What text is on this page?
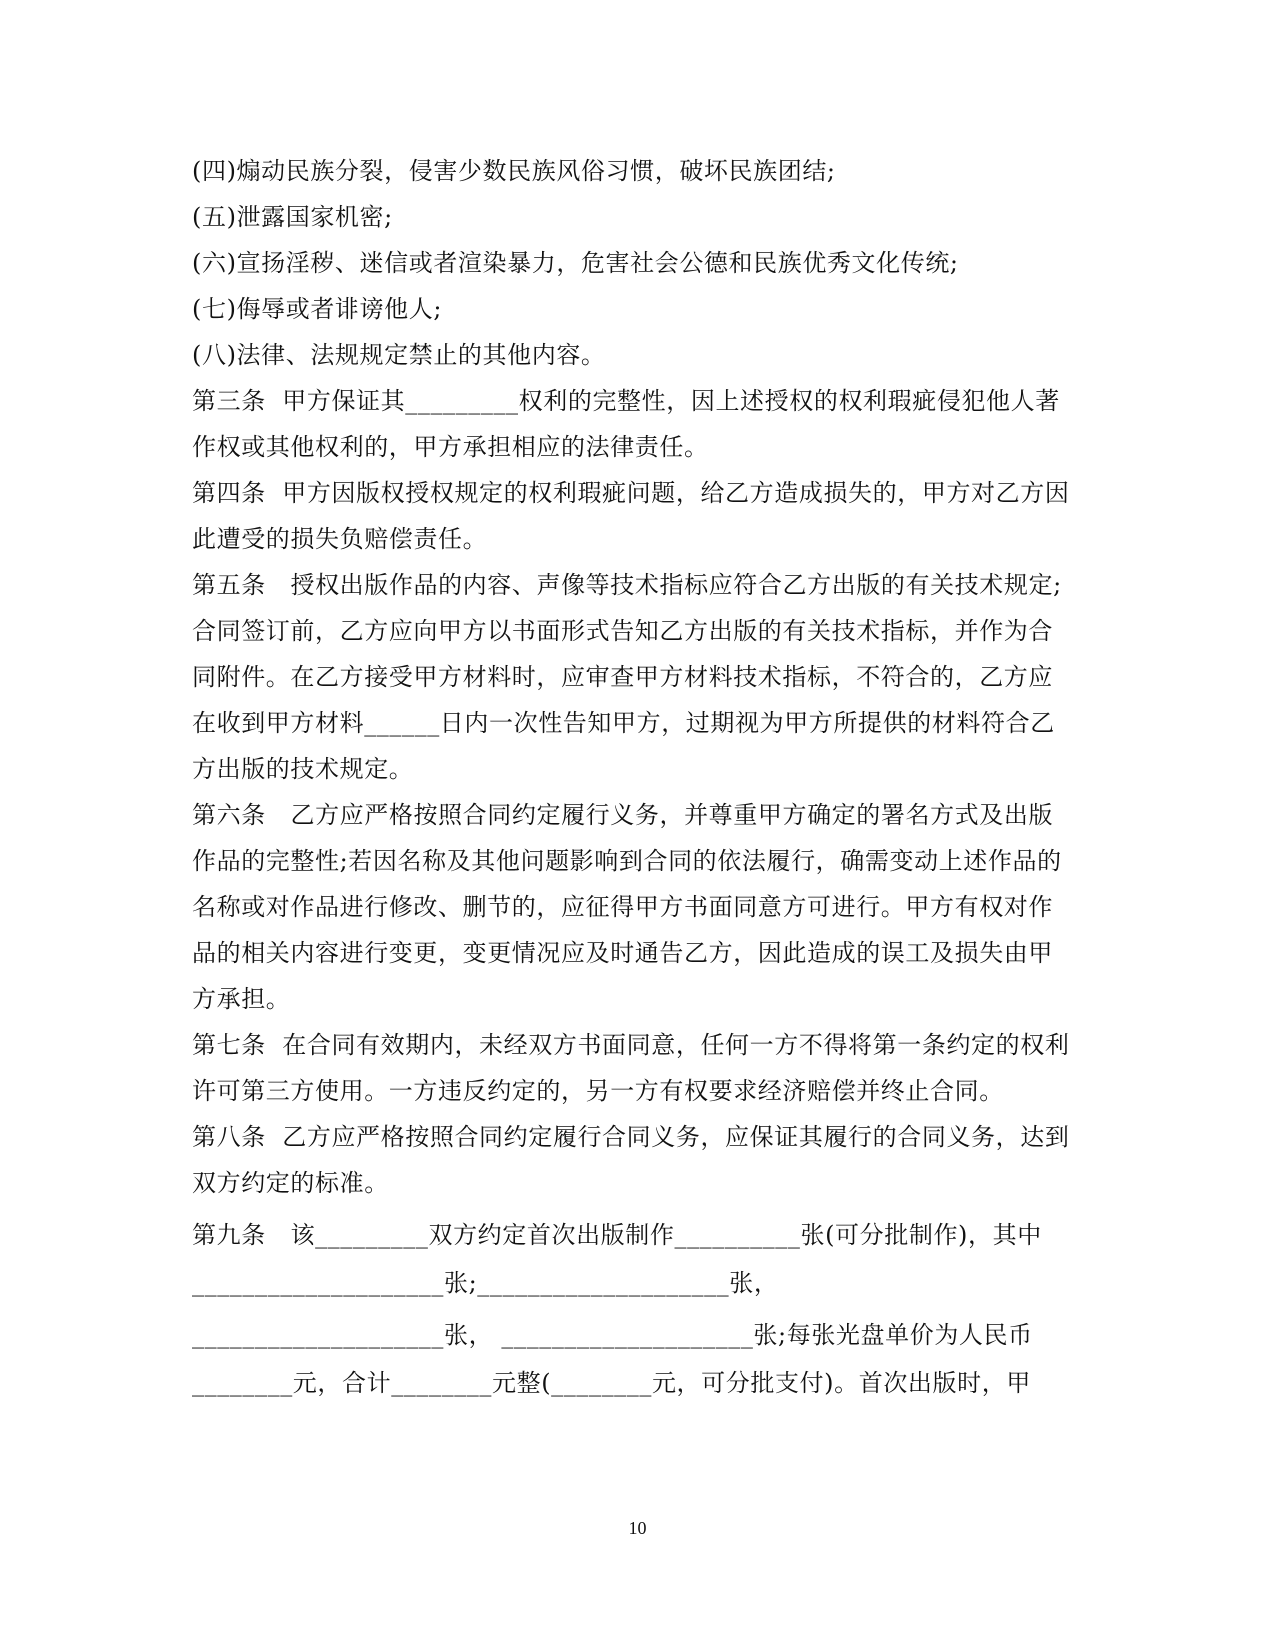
(四)煽动民族分裂，侵害少数民族风俗习惯，破坏民族团结;
(五)泄露国家机密;
(六)宣扬淫秽、迷信或者渲染暴力，危害社会公德和民族优秀文化传统;
(七)侮辱或者诽谤他人;
(八)法律、法规规定禁止的其他内容。
第三条  甲方保证其_________权利的完整性，因上述授权的权利瑕疵侵犯他人著
作权或其他权利的，甲方承担相应的法律责任。
第四条  甲方因版权授权规定的权利瑕疵问题，给乙方造成损失的，甲方对乙方因
此遭受的损失负赔偿责任。
第五条   授权出版作品的内容、声像等技术指标应符合乙方出版的有关技术规定;
合同签订前，乙方应向甲方以书面形式告知乙方出版的有关技术指标，并作为合
同附件。在乙方接受甲方材料时，应审查甲方材料技术指标，不符合的，乙方应
在收到甲方材料______日内一次性告知甲方，过期视为甲方所提供的材料符合乙
方出版的技术规定。
第六条   乙方应严格按照合同约定履行义务，并尊重甲方确定的署名方式及出版
作品的完整性;若因名称及其他问题影响到合同的依法履行，确需变动上述作品的
名称或对作品进行修改、删节的，应征得甲方书面同意方可进行。甲方有权对作
品的相关内容进行变更，变更情况应及时通告乙方，因此造成的误工及损失由甲
方承担。
第七条  在合同有效期内，未经双方书面同意，任何一方不得将第一条约定的权利
许可第三方使用。一方违反约定的，另一方有权要求经济赔偿并终止合同。
第八条  乙方应严格按照合同约定履行合同义务，应保证其履行的合同义务，达到
双方约定的标准。
第九条   该_________双方约定首次出版制作__________张(可分批制作)，其中
____________________张;____________________张，
____________________张， ____________________张;每张光盘单价为人民币
________元，合计________元整(________元，可分批支付)。首次出版时，甲
10
